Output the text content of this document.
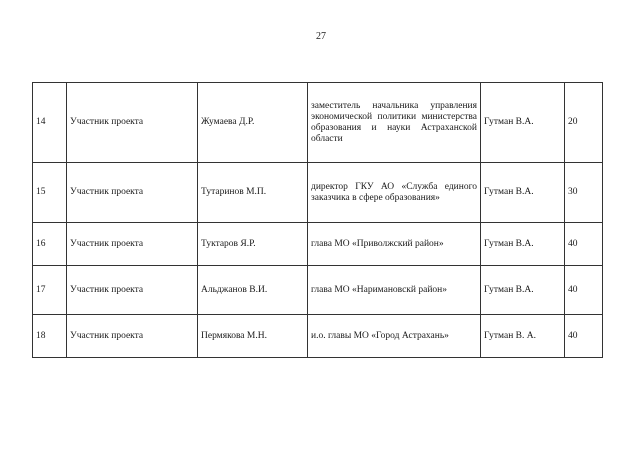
27
14	Участник проекта	Жумаева Д.Р.	заместитель начальника управления экономической политики министерства образования и науки Астраханской области	Гутман В.А.	20
15	Участник проекта	Тутаринов М.П.	директор ГКУ АО «Служба единого заказчика в сфере образования»	Гутман В.А.	30
16	Участник проекта	Туктаров Я.Р.	глава МО «Приволжский район»	Гутман В.А.	40
17	Участник проекта	Альджанов В.И.	глава МО «Наримановскй район»	Гутман В.А.	40
18	Участник проекта	Пермякова М.Н.	и.о. главы МО «Город Астрахань»	Гутман В. А.	40
